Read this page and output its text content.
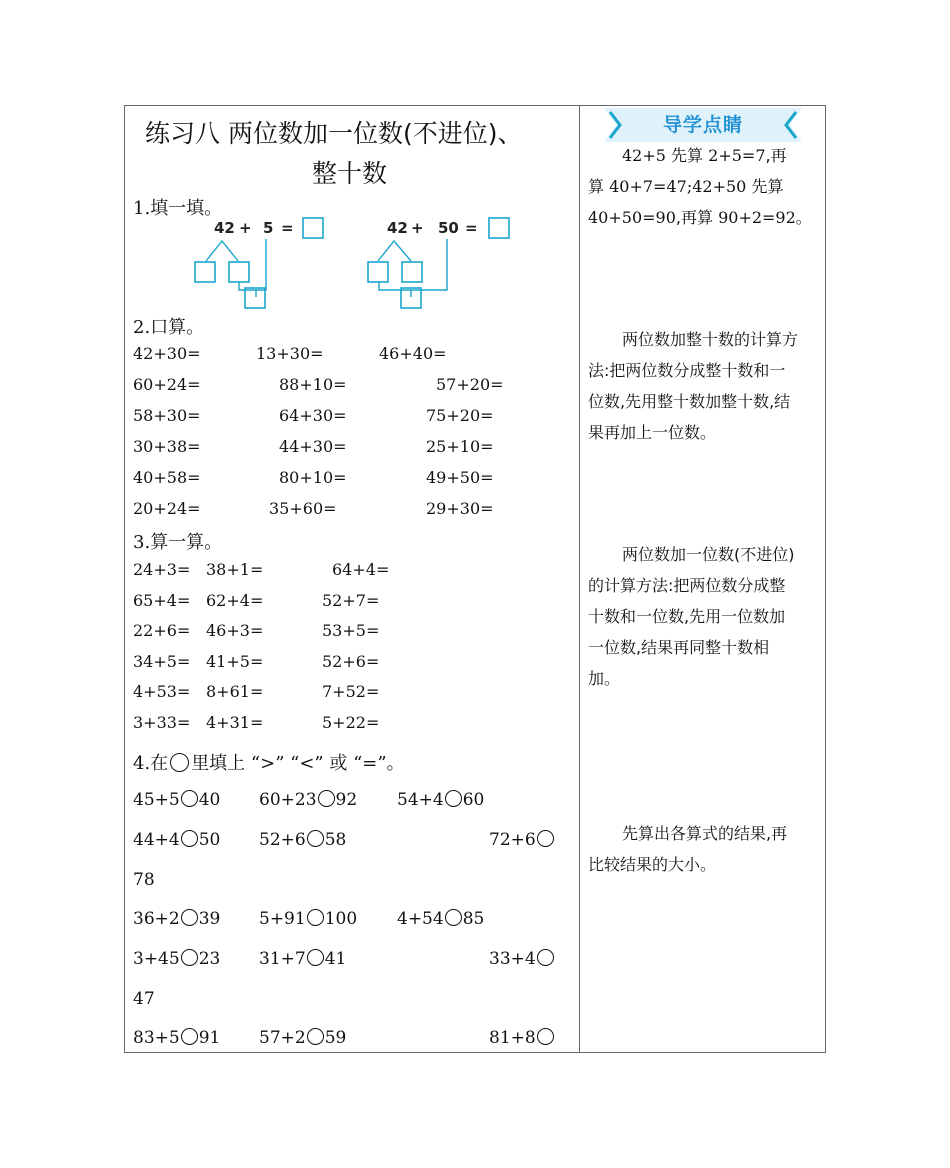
练习八 两位数加一位数(不进位)、
整十数
1.填一填。
42 + 5 =	42 + 50 =
2.口算。
42+30=	13+30=	46+40=
60+24=	88+10=	57+20=
58+30=	64+30=	75+20=
30+38=	44+30=	25+10=
40+58=	80+10=	49+50=
20+24=	35+60=	29+30=
3.算一算。
24+3= 38+1=	64+4=
65+4= 62+4=	52+7=
22+6= 46+3=	53+5=
34+5= 41+5=	52+6=
4+53= 8+61=	7+52=
3+33= 4+31=	5+22=
4.在 里填上 “>” “<” 或 “=”。
45+5 40 60+23 92 54+4 60
44+4 50 52+6 58	72+6
78
36+2 39 5+91 100 4+54 85
3+45 23 31+7 41	33+4
47
83+5 91 57+2 59	81+8
导学点睛
42+5 先算 2+5=7,再
算 40+7=47;42+50 先算
40+50=90,再算 90+2=92。
两位数加整十数的计算方
法:把两位数分成整十数和一
位数,先用整十数加整十数,结
果再加上一位数。
两位数加一位数(不进位)
的计算方法:把两位数分成整
十数和一位数,先用一位数加
一位数,结果再同整十数相
加。
先算出各算式的结果,再
比较结果的大小。
